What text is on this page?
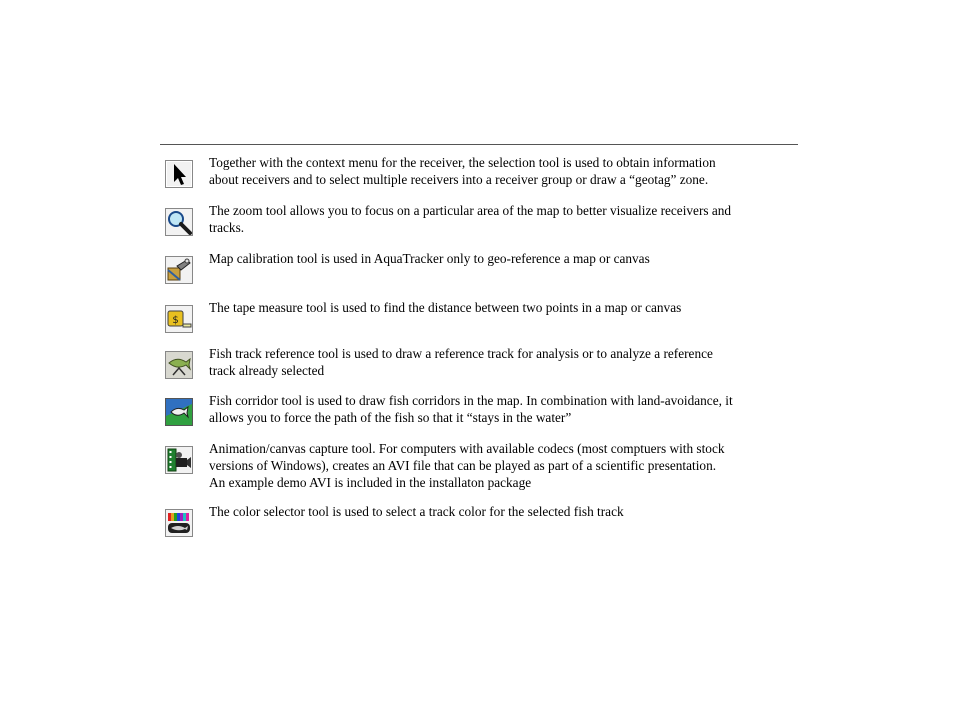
Together with the context menu for the receiver, the selection tool is used to obtain information
about receivers and to select multiple receivers into a receiver group or draw a “geotag” zone.
The zoom tool allows you to focus on a particular area of the map to better visualize receivers and
tracks.
Map calibration tool is used in AquaTracker only to geo-reference a map or canvas
$
The tape measure tool is used to find the distance between two points in a map or canvas
Fish track reference tool is used to draw a reference track for analysis or to analyze a reference
track already selected
Fish corridor tool is used to draw fish corridors in the map. In combination with land-avoidance, it
allows you to force the path of the fish so that it “stays in the water”
Animation/canvas capture tool. For computers with available codecs (most comptuers with stock
versions of Windows), creates an AVI file that can be played as part of a scientific presentation.
An example demo AVI is included in the installaton package
The color selector tool is used to select a track color for the selected fish track
